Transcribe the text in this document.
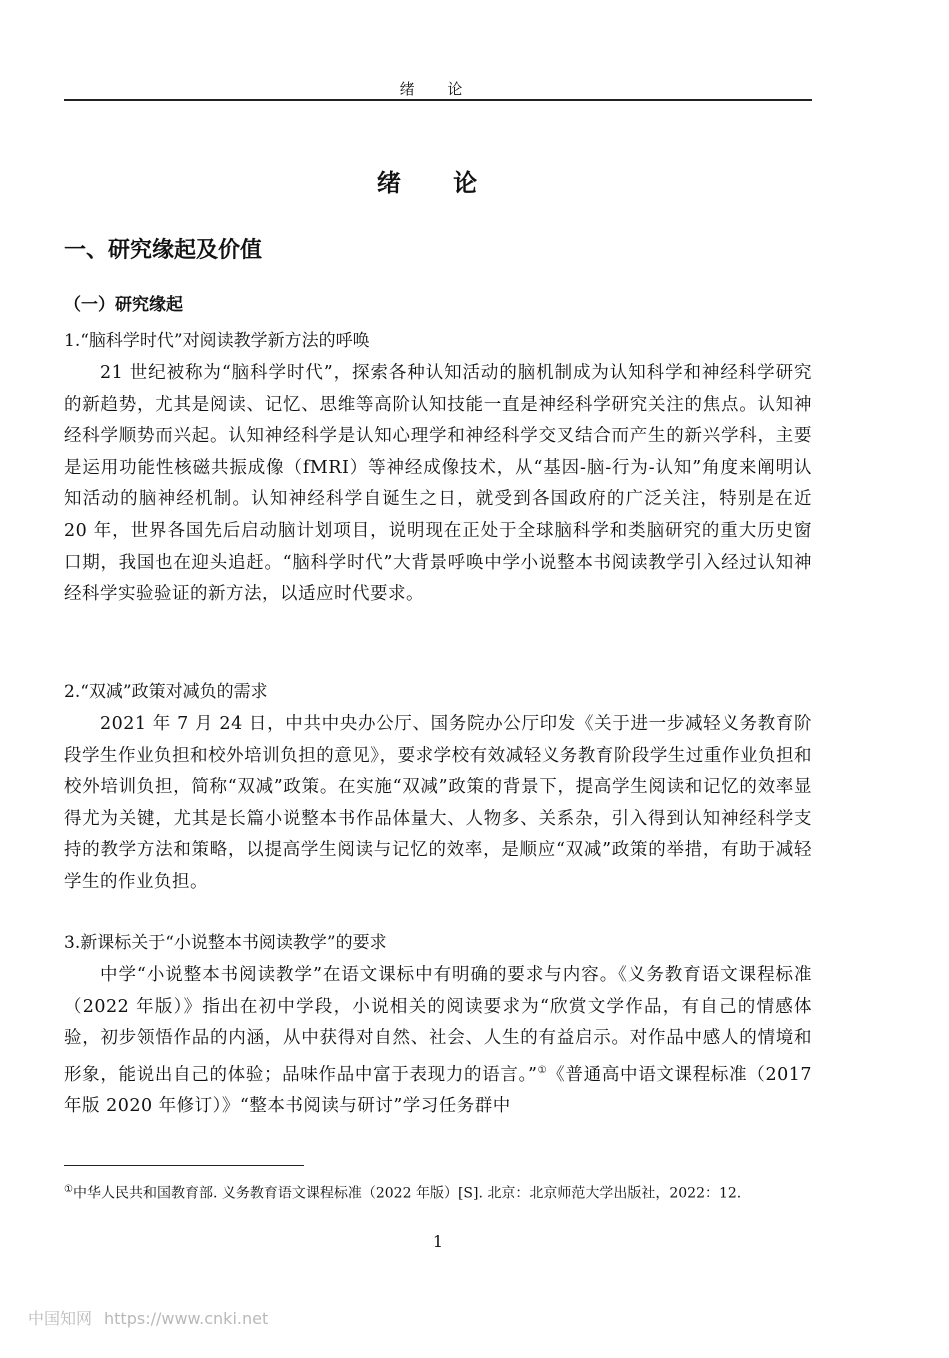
绪 论
绪 论
一、研究缘起及价值
（一）研究缘起
1.“脑科学时代”对阅读教学新方法的呼唤

21 世纪被称为“脑科学时代”，探索各种认知活动的脑机制成为认知科学和神经科学研究的新趋势，尤其是阅读、记忆、思维等高阶认知技能一直是神经科学研究关注的焦点。认知神经科学顺势而兴起。认知神经科学是认知心理学和神经科学交叉结合而产生的新兴学科，主要是运用功能性核磁共振成像（fMRI）等神经成像技术，从“基因-脑-行为-认知”角度来阐明认知活动的脑神经机制。认知神经科学自诞生之日，就受到各国政府的广泛关注，特别是在近 20 年，世界各国先后启动脑计划项目，说明现在正处于全球脑科学和类脑研究的重大历史窗口期，我国也在迎头追赶。“脑科学时代”大背景呼唤中学小说整本书阅读教学引入经过认知神经科学实验验证的新方法，以适应时代要求。

2.“双减”政策对减负的需求

2021 年 7 月 24 日，中共中央办公厅、国务院办公厅印发《关于进一步减轻义务教育阶段学生作业负担和校外培训负担的意见》，要求学校有效减轻义务教育阶段学生过重作业负担和校外培训负担，简称“双减”政策。在实施“双减”政策的背景下，提高学生阅读和记忆的效率显得尤为关键，尤其是长篇小说整本书作品体量大、人物多、关系杂，引入得到认知神经科学支持的教学方法和策略，以提高学生阅读与记忆的效率，是顺应“双减”政策的举措，有助于减轻学生的作业负担。

3.新课标关于“小说整本书阅读教学”的要求

中学“小说整本书阅读教学”在语文课标中有明确的要求与内容。《义务教育语文课程标准（2022 年版）》指出在初中学段，小说相关的阅读要求为“欣赏文学作品，有自己的情感体验，初步领悟作品的内涵，从中获得对自然、社会、人生的有益启示。对作品中感人的情境和形象，能说出自己的体验；品味作品中富于表现力的语言。”①《普通高中语文课程标准（2017 年版 2020 年修订）》“整本书阅读与研讨”学习任务群中

①中华人民共和国教育部. 义务教育语文课程标准（2022 年版）[S]. 北京：北京师范大学出版社，2022：12.
1
中国知网 https://www.cnki.net
